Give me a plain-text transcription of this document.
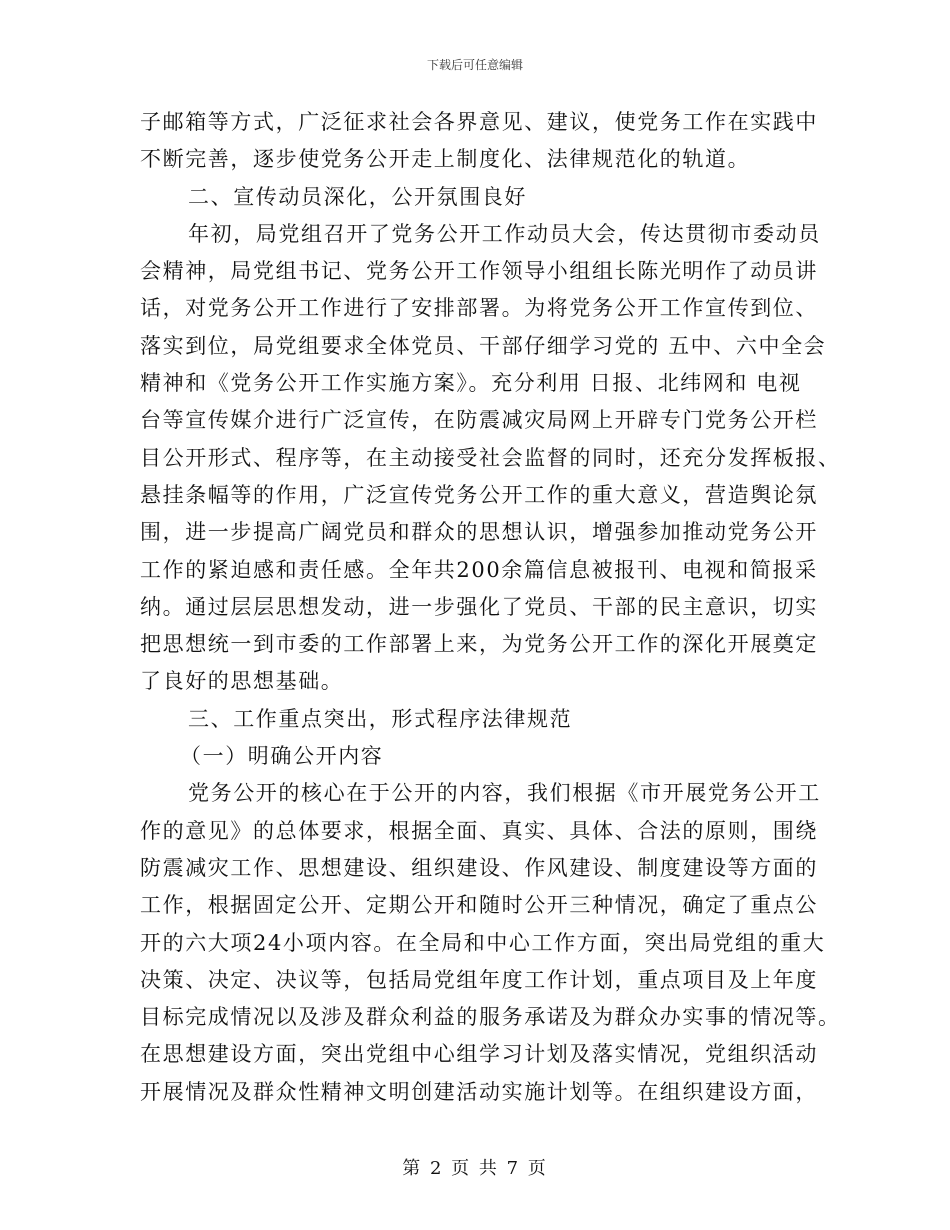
下载后可任意编辑
子邮箱等方式，广泛征求社会各界意见、建议，使党务工作在实践中
不断完善，逐步使党务公开走上制度化、法律规范化的轨道。
二、宣传动员深化，公开氛围良好
年初，局党组召开了党务公开工作动员大会，传达贯彻市委动员
会精神，局党组书记、党务公开工作领导小组组长陈光明作了动员讲
话，对党务公开工作进行了安排部署。为将党务公开工作宣传到位、
落实到位，局党组要求全体党员、干部仔细学习党的 五中、六中全会
精神和《党务公开工作实施方案》。充分利用 日报、北纬网和 电视
台等宣传媒介进行广泛宣传，在防震减灾局网上开辟专门党务公开栏
目公开形式、程序等，在主动接受社会监督的同时，还充分发挥板报、
悬挂条幅等的作用，广泛宣传党务公开工作的重大意义，营造舆论氛
围，进一步提高广阔党员和群众的思想认识，增强参加推动党务公开
工作的紧迫感和责任感。全年共200余篇信息被报刊、电视和简报采
纳。通过层层思想发动，进一步强化了党员、干部的民主意识，切实
把思想统一到市委的工作部署上来，为党务公开工作的深化开展奠定
了良好的思想基础。
三、工作重点突出，形式程序法律规范
（一）明确公开内容
党务公开的核心在于公开的内容，我们根据《市开展党务公开工
作的意见》的总体要求，根据全面、真实、具体、合法的原则，围绕
防震减灾工作、思想建设、组织建设、作风建设、制度建设等方面的
工作，根据固定公开、定期公开和随时公开三种情况，确定了重点公
开的六大项24小项内容。在全局和中心工作方面，突出局党组的重大
决策、决定、决议等，包括局党组年度工作计划，重点项目及上年度
目标完成情况以及涉及群众利益的服务承诺及为群众办实事的情况等。
在思想建设方面，突出党组中心组学习计划及落实情况，党组织活动
开展情况及群众性精神文明创建活动实施计划等。在组织建设方面，
第 2 页 共 7 页
